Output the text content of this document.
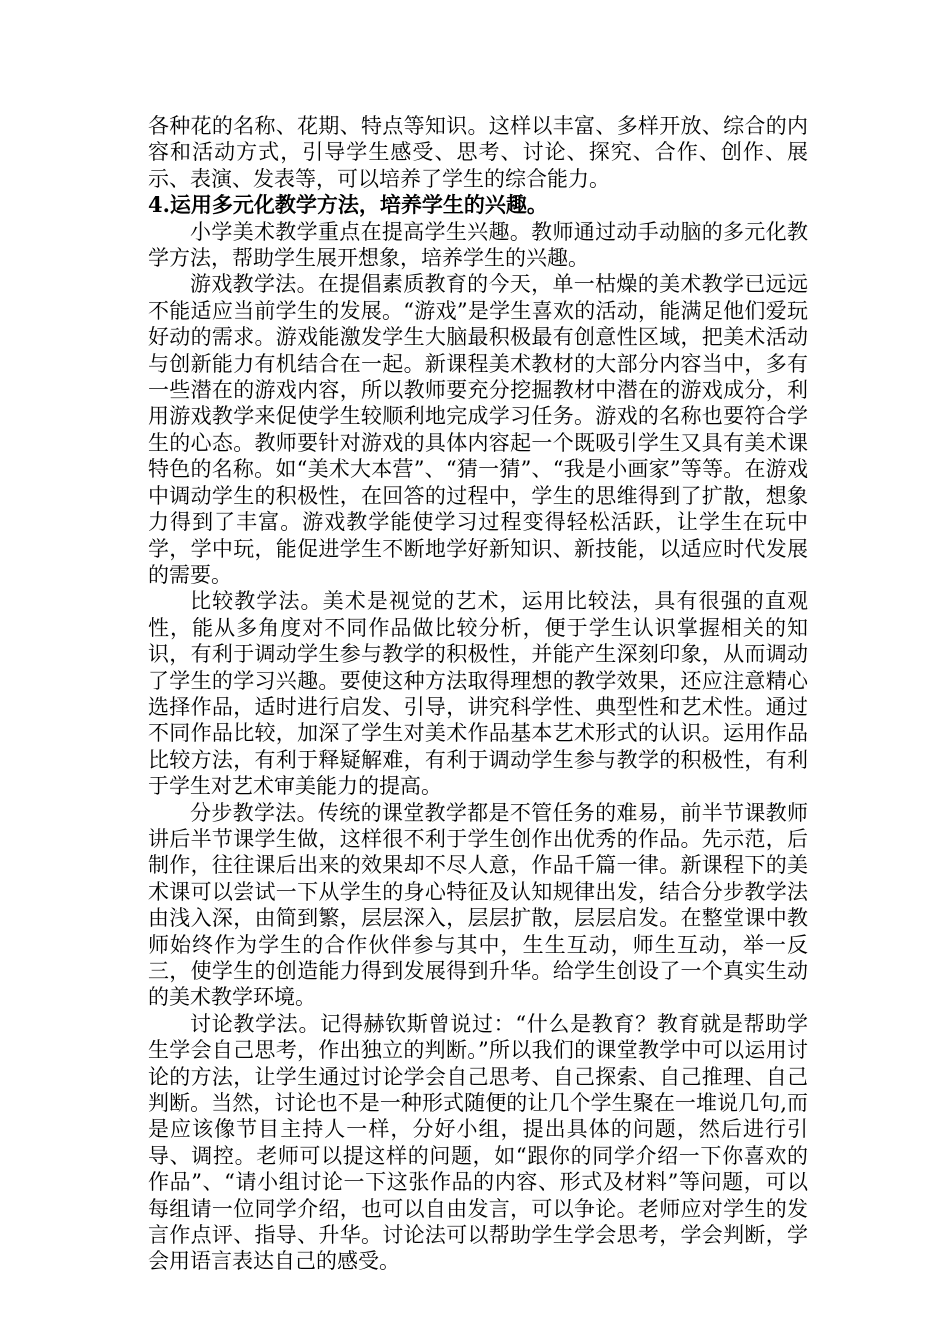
各种花的名称、花期、特点等知识。这样以丰富、多样开放、综合的内容和活动方式，引导学生感受、思考、讨论、探究、合作、创作、展示、表演、发表等，可以培养了学生的综合能力。

4.运用多元化教学方法，培养学生的兴趣。

小学美术教学重点在提高学生兴趣。教师通过动手动脑的多元化教学方法，帮助学生展开想象，培养学生的兴趣。

游戏教学法。在提倡素质教育的今天，单一枯燥的美术教学已远远不能适应当前学生的发展。“游戏”是学生喜欢的活动，能满足他们爱玩好动的需求。游戏能激发学生大脑最积极最有创意性区域，把美术活动与创新能力有机结合在一起。新课程美术教材的大部分内容当中，多有一些潜在的游戏内容，所以教师要充分挖掘教材中潜在的游戏成分，利用游戏教学来促使学生较顺利地完成学习任务。游戏的名称也要符合学生的心态。教师要针对游戏的具体内容起一个既吸引学生又具有美术课特色的名称。如“美术大本营”、“猜一猜”、“我是小画家”等等。在游戏中调动学生的积极性，在回答的过程中，学生的思维得到了扩散，想象力得到了丰富。游戏教学能使学习过程变得轻松活跃，让学生在玩中学，学中玩，能促进学生不断地学好新知识、新技能，以适应时代发展的需要。

比较教学法。美术是视觉的艺术，运用比较法，具有很强的直观性，能从多角度对不同作品做比较分析，便于学生认识掌握相关的知识，有利于调动学生参与教学的积极性，并能产生深刻印象，从而调动了学生的学习兴趣。要使这种方法取得理想的教学效果，还应注意精心选择作品，适时进行启发、引导，讲究科学性、典型性和艺术性。通过不同作品比较，加深了学生对美术作品基本艺术形式的认识。运用作品比较方法，有利于释疑解难，有利于调动学生参与教学的积极性，有利于学生对艺术审美能力的提高。

分步教学法。传统的课堂教学都是不管任务的难易，前半节课教师讲后半节课学生做，这样很不利于学生创作出优秀的作品。先示范，后制作，往往课后出来的效果却不尽人意，作品千篇一律。新课程下的美术课可以尝试一下从学生的身心特征及认知规律出发，结合分步教学法由浅入深，由简到繁，层层深入，层层扩散，层层启发。在整堂课中教师始终作为学生的合作伙伴参与其中，生生互动，师生互动，举一反三，使学生的创造能力得到发展得到升华。给学生创设了一个真实生动的美术教学环境。

讨论教学法。记得赫钦斯曾说过：“什么是教育？教育就是帮助学生学会自己思考，作出独立的判断。”所以我们的课堂教学中可以运用讨论的方法，让学生通过讨论学会自己思考、自己探索、自己推理、自己判断。当然，讨论也不是一种形式随便的让几个学生聚在一堆说几句,而是应该像节目主持人一样，分好小组，提出具体的问题，然后进行引导、调控。老师可以提这样的问题，如“跟你的同学介绍一下你喜欢的作品”、“请小组讨论一下这张作品的内容、形式及材料”等问题，可以每组请一位同学介绍，也可以自由发言，可以争论。老师应对学生的发言作点评、指导、升华。讨论法可以帮助学生学会思考，学会判断，学会用语言表达自己的感受。
